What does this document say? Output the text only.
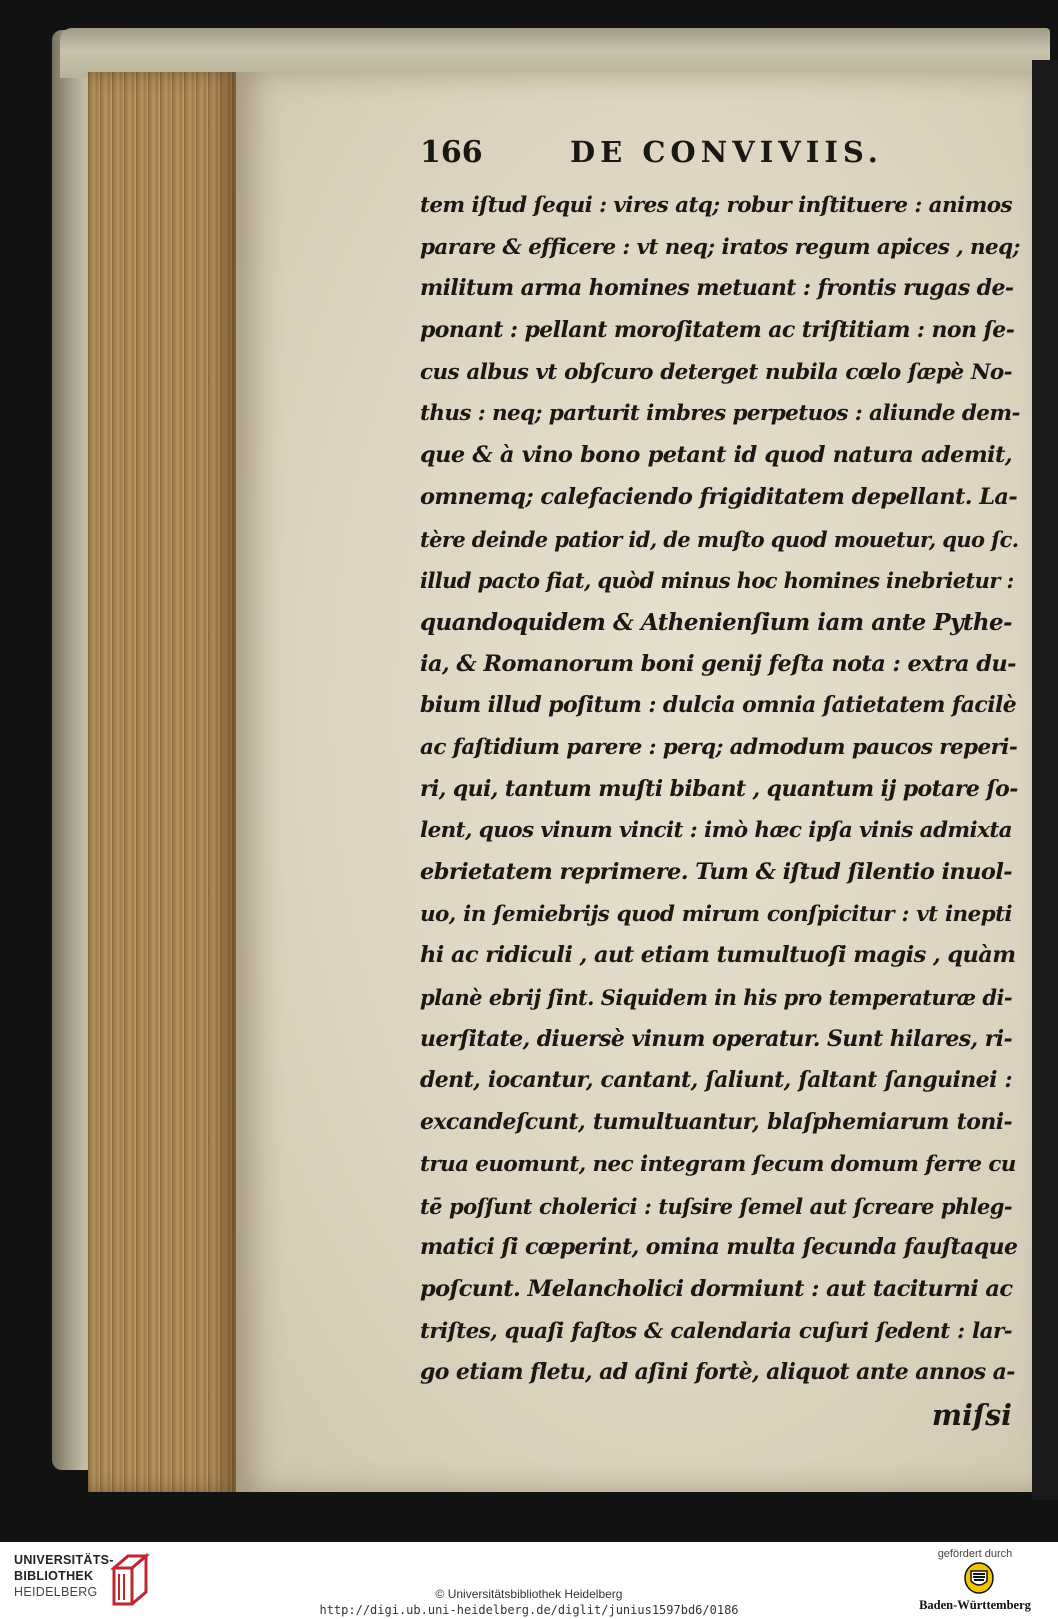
166	DE CONVIVIIS.
tem iſtud ſequi : vires atq; robur inſtituere : animos
parare & efficere : vt neq; iratos regum apices , neq;
militum arma homines metuant : frontis rugas de-
ponant : pellant moroſitatem ac triſtitiam : non ſe-
cus albus vt obſcuro deterget nubila cœlo ſæpè No-
thus : neq; parturit imbres perpetuos : aliunde dem-
que & à vino bono petant id quod natura ademit,
omnemq; calefaciendo frigiditatem depellant. La-
tère deinde patior id, de muſto quod mouetur, quo ſc.
illud pacto fiat, quòd minus hoc homines inebrietur :
quandoquidem & Athenienſium iam ante Pythe-
ia, & Romanorum boni genij feſta nota : extra du-
bium illud poſitum : dulcia omnia ſatietatem facilè
ac faſtidium parere : perq; admodum paucos reperi-
ri, qui, tantum muſti bibant , quantum ij potare ſo-
lent, quos vinum vincit : imò hæc ipſa vinis admixta
ebrietatem reprimere. Tum & iſtud ſilentio inuol-
uo, in ſemiebrijs quod mirum conſpicitur : vt inepti
hi ac ridiculi , aut etiam tumultuoſi magis , quàm
planè ebrij ſint. Siquidem in his pro temperaturæ di-
uerſitate, diuersè vinum operatur. Sunt hilares, ri-
dent, iocantur, cantant, ſaliunt, ſaltant ſanguinei :
excandeſcunt, tumultuantur, blaſphemiarum toni-
trua euomunt, nec integram ſecum domum ferre cu
tē poſſunt cholerici : tuſsire ſemel aut ſcreare phleg-
matici ſi cœperint, omina multa ſecunda fauſtaque
poſcunt. Melancholici dormiunt : aut taciturni ac
triſtes, quaſi faſtos & calendaria cuſuri ſedent : lar-
go etiam fletu, ad aſini fortè, aliquot ante annos a-
miſsi
UNIVERSITÄTS-
BIBLIOTHEK
HEIDELBERG	© Universitätsbibliothek Heidelberg
http://digi.ub.uni-heidelberg.de/diglit/junius1597bd6/0186
gefördert durch
Baden-Württemberg
